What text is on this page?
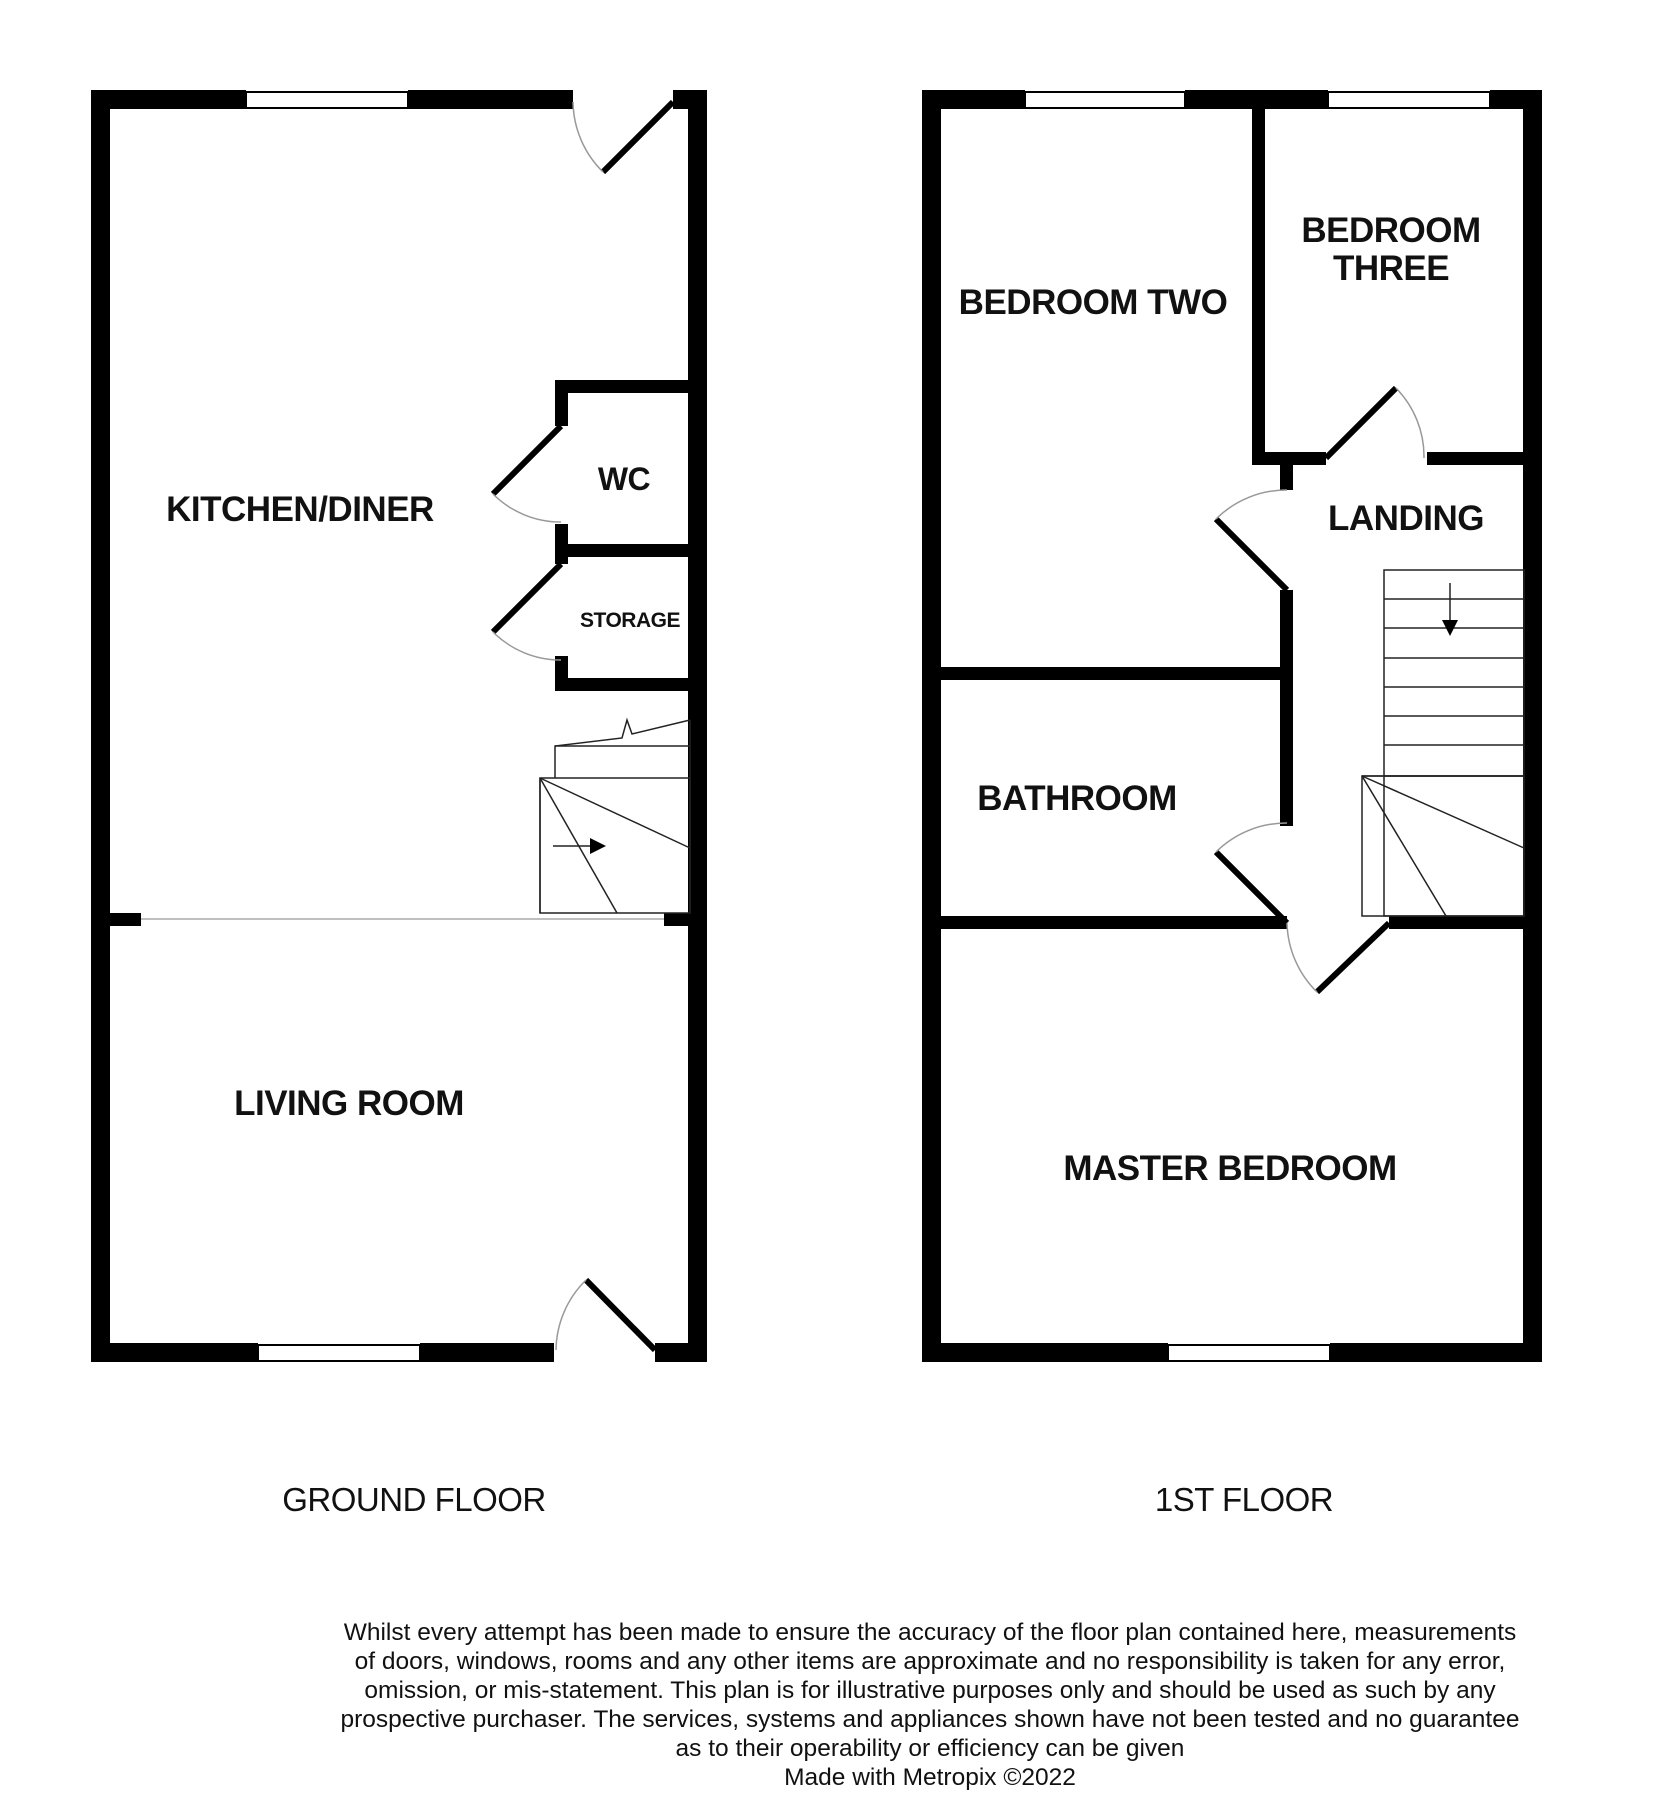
KITCHEN/DINER
WC
STORAGE
LIVING ROOM
GROUND FLOOR
BEDROOM TWO
BEDROOM
THREE
LANDING
BATHROOM
MASTER BEDROOM
1ST FLOOR

Whilst every attempt has been made to ensure the accuracy of the floor plan contained here, measurements

of doors, windows, rooms and any other items are approximate and no responsibility is taken for any error,

omission, or mis-statement. This plan is for illustrative purposes only and should be used as such by any

prospective purchaser. The services, systems and appliances shown have not been tested and no guarantee

as to their operability or efficiency can be given

Made with Metropix ©2022
